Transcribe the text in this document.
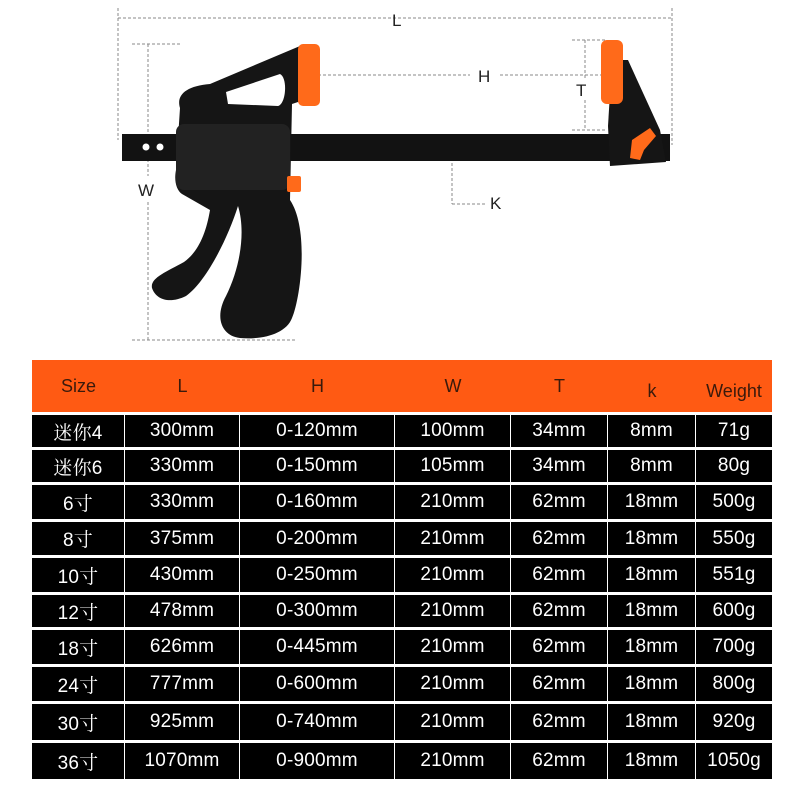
L
H
T
W
K
Size	L	H	W	T	k	Weight
迷你4	300mm	0-120mm	100mm	34mm	8mm	71g
迷你6	330mm	0-150mm	105mm	34mm	8mm	80g
6寸	330mm	0-160mm	210mm	62mm	18mm	500g
8寸	375mm	0-200mm	210mm	62mm	18mm	550g
10寸	430mm	0-250mm	210mm	62mm	18mm	551g
12寸	478mm	0-300mm	210mm	62mm	18mm	600g
18寸	626mm	0-445mm	210mm	62mm	18mm	700g
24寸	777mm	0-600mm	210mm	62mm	18mm	800g
30寸	925mm	0-740mm	210mm	62mm	18mm	920g
36寸	1070mm	0-900mm	210mm	62mm	18mm	1050g
